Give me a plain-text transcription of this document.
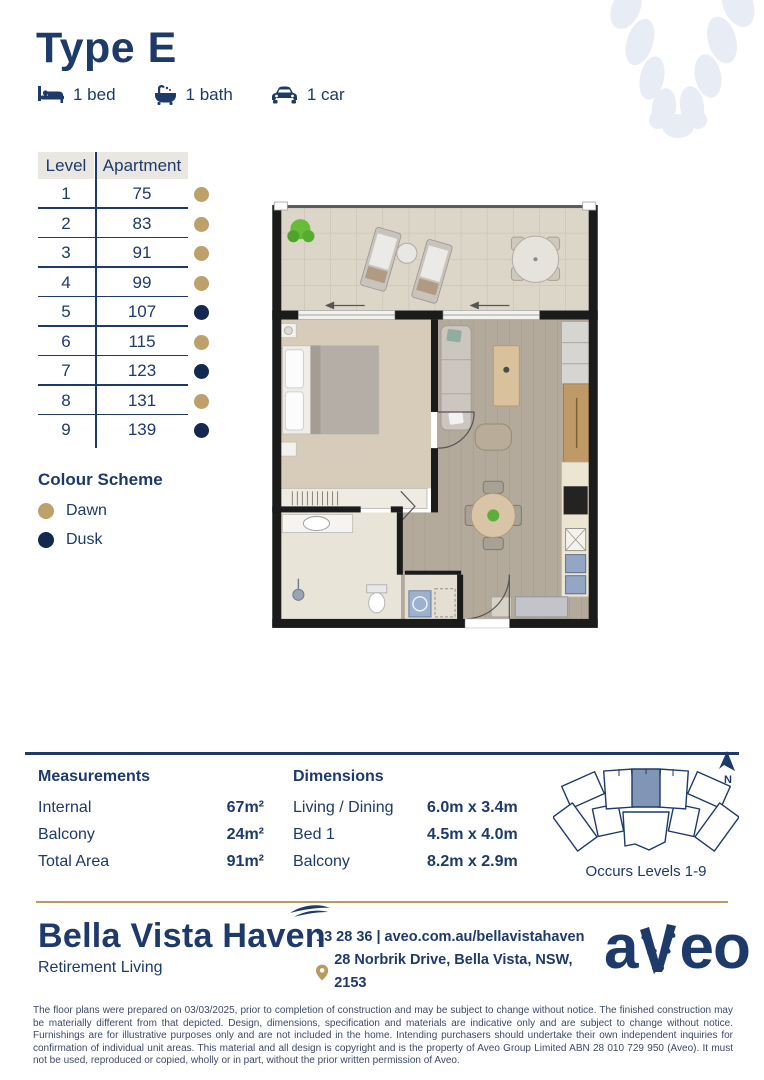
Type E
1 bed	1 bath	1 car
Level Apartment
1	75
2	83
3	91
4	99
5	107
6	115
7	123
8	131
9	139
Colour Scheme
Dawn
Dusk
Measurements
Internal	67m²
Balcony	24m²
Total Area	91m²
Dimensions
Living / Dining	6.0m x 3.4m
Bed 1	4.5m x 4.0m
Balcony	8.2m x 2.9m
N
Occurs Levels 1-9
Bella Vista Haven
Retirement Living
13 28 36 | aveo.com.au/bellavistahaven
28 Norbrik Drive, Bella Vista, NSW, 2153
a eo
The floor plans were prepared on 03/03/2025, prior to completion of construction and may be subject to change without notice. The finished construction may be materially different from that depicted. Design, dimensions, specification and materials are indicative only and are subject to change without notice. Furnishings are for illustrative purposes only and are not included in the home. Intending purchasers should undertake their own independent inquiries for confirmation of individual unit areas. This material and all design is copyright and is the property of Aveo Group Limited ABN 28 010 729 950 (Aveo). It must not be used, reproduced or copied, wholly or in part, without the prior written permission of Aveo.
